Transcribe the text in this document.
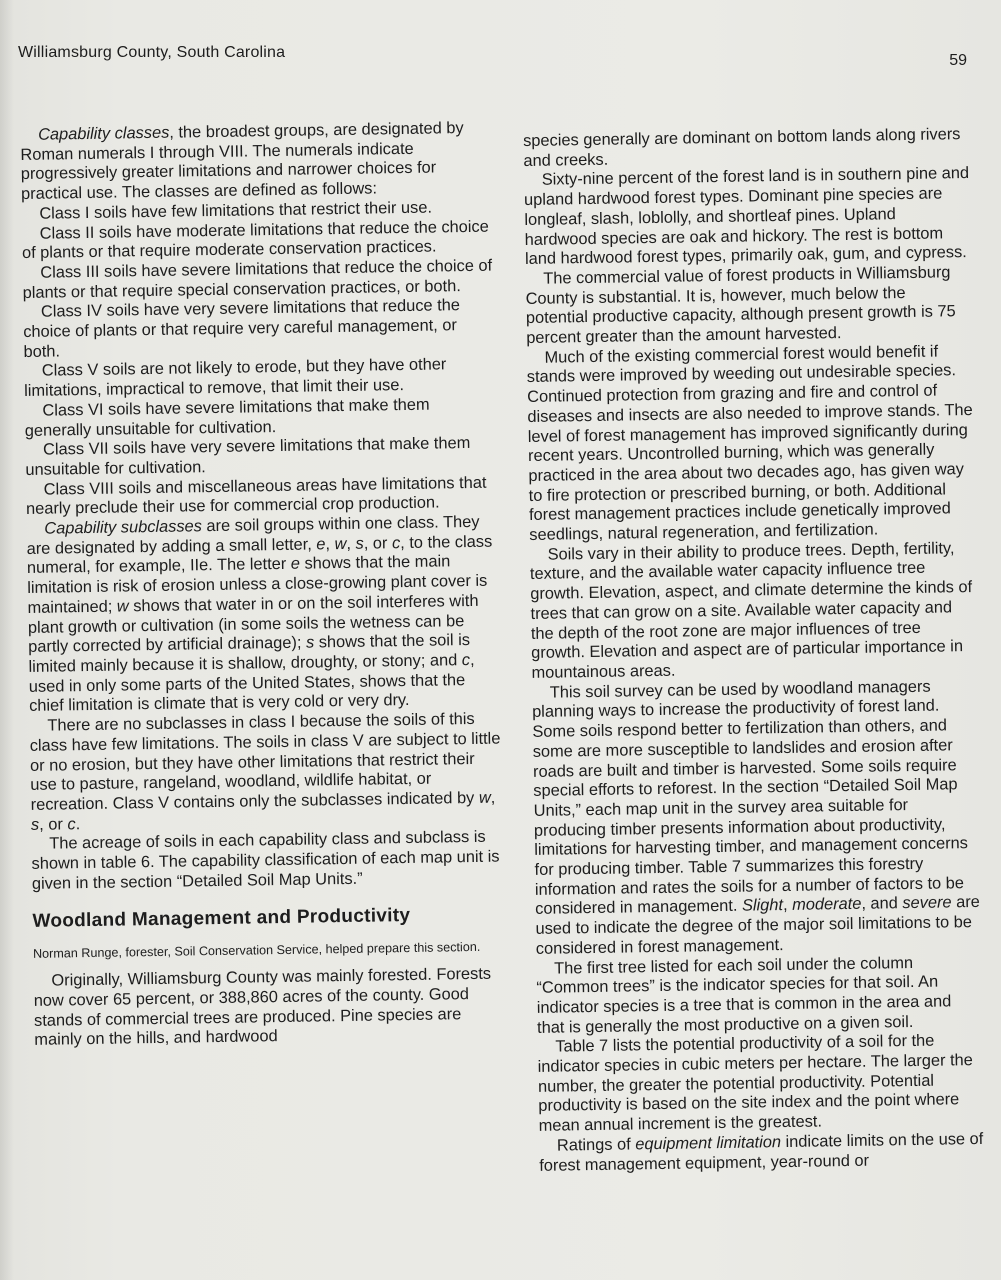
Williamsburg County, South Carolina	59

Capability classes, the broadest groups, are designated by Roman numerals I through VIII. The numerals indicate progressively greater limitations and narrower choices for practical use. The classes are defined as follows:

Class I soils have few limitations that restrict their use.

Class II soils have moderate limitations that reduce the choice of plants or that require moderate conservation practices.

Class III soils have severe limitations that reduce the choice of plants or that require special conservation practices, or both.

Class IV soils have very severe limitations that reduce the choice of plants or that require very careful management, or both.

Class V soils are not likely to erode, but they have other limitations, impractical to remove, that limit their use.

Class VI soils have severe limitations that make them generally unsuitable for cultivation.

Class VII soils have very severe limitations that make them unsuitable for cultivation.

Class VIII soils and miscellaneous areas have limitations that nearly preclude their use for commercial crop production.

Capability subclasses are soil groups within one class. They are designated by adding a small letter, e, w, s, or c, to the class numeral, for example, IIe. The letter e shows that the main limitation is risk of erosion unless a close-growing plant cover is maintained; w shows that water in or on the soil interferes with plant growth or cultivation (in some soils the wetness can be partly corrected by artificial drainage); s shows that the soil is limited mainly because it is shallow, droughty, or stony; and c, used in only some parts of the United States, shows that the chief limitation is climate that is very cold or very dry.

There are no subclasses in class I because the soils of this class have few limitations. The soils in class V are subject to little or no erosion, but they have other limitations that restrict their use to pasture, rangeland, woodland, wildlife habitat, or recreation. Class V contains only the subclasses indicated by w, s, or c.

The acreage of soils in each capability class and subclass is shown in table 6. The capability classification of each map unit is given in the section “Detailed Soil Map Units.”

Woodland Management and Productivity

Norman Runge, forester, Soil Conservation Service, helped prepare this section.

Originally, Williamsburg County was mainly forested. Forests now cover 65 percent, or 388,860 acres of the county. Good stands of commercial trees are produced. Pine species are mainly on the hills, and hardwood

species generally are dominant on bottom lands along rivers and creeks.

Sixty-nine percent of the forest land is in southern pine and upland hardwood forest types. Dominant pine species are longleaf, slash, loblolly, and shortleaf pines. Upland hardwood species are oak and hickory. The rest is bottom land hardwood forest types, primarily oak, gum, and cypress.

The commercial value of forest products in Williamsburg County is substantial. It is, however, much below the potential productive capacity, although present growth is 75 percent greater than the amount harvested.

Much of the existing commercial forest would benefit if stands were improved by weeding out undesirable species. Continued protection from grazing and fire and control of diseases and insects are also needed to improve stands. The level of forest management has improved significantly during recent years. Uncontrolled burning, which was generally practiced in the area about two decades ago, has given way to fire protection or prescribed burning, or both. Additional forest management practices include genetically improved seedlings, natural regeneration, and fertilization.

Soils vary in their ability to produce trees. Depth, fertility, texture, and the available water capacity influence tree growth. Elevation, aspect, and climate determine the kinds of trees that can grow on a site. Available water capacity and the depth of the root zone are major influences of tree growth. Elevation and aspect are of particular importance in mountainous areas.

This soil survey can be used by woodland managers planning ways to increase the productivity of forest land. Some soils respond better to fertilization than others, and some are more susceptible to landslides and erosion after roads are built and timber is harvested. Some soils require special efforts to reforest. In the section “Detailed Soil Map Units,” each map unit in the survey area suitable for producing timber presents information about productivity, limitations for harvesting timber, and management concerns for producing timber. Table 7 summarizes this forestry information and rates the soils for a number of factors to be considered in management. Slight, moderate, and severe are used to indicate the degree of the major soil limitations to be considered in forest management.

The first tree listed for each soil under the column “Common trees” is the indicator species for that soil. An indicator species is a tree that is common in the area and that is generally the most productive on a given soil.

Table 7 lists the potential productivity of a soil for the indicator species in cubic meters per hectare. The larger the number, the greater the potential productivity. Potential productivity is based on the site index and the point where mean annual increment is the greatest.

Ratings of equipment limitation indicate limits on the use of forest management equipment, year-round or
